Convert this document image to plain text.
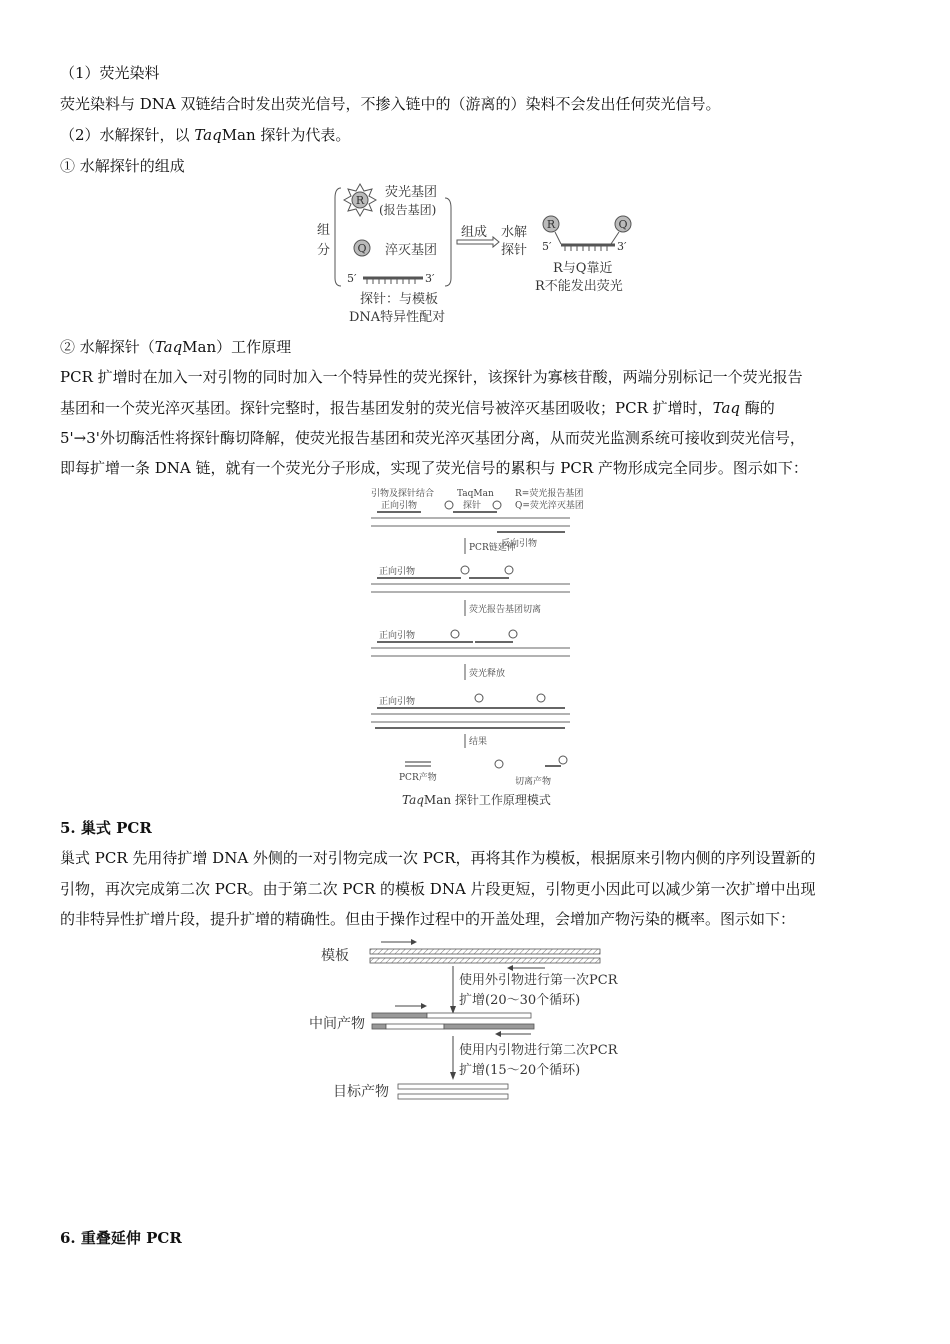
（1）荧光染料
荧光染料与 DNA 双链结合时发出荧光信号，不掺入链中的（游离的）染料不会发出任何荧光信号。
（2）水解探针，以 TaqMan 探针为代表。
① 水解探针的组成
R
荧光基团
(报告基团)
Q 淬灭基团
5′	3′
组
分
探针：与模板
DNA特异性配对
组成 水解
探针
R	Q
5′	3′
R与Q靠近
R不能发出荧光
② 水解探针（TaqMan）工作原理
PCR 扩增时在加入一对引物的同时加入一个特异性的荧光探针，该探针为寡核苷酸，两端分别标记一个荧光报告
基团和一个荧光淬灭基团。探针完整时，报告基团发射的荧光信号被淬灭基团吸收；PCR 扩增时，Taq 酶的
5'→3'外切酶活性将探针酶切降解，使荧光报告基团和荧光淬灭基团分离，从而荧光监测系统可接收到荧光信号，
即每扩增一条 DNA 链，就有一个荧光分子形成，实现了荧光信号的累积与 PCR 产物形成完全同步。图示如下：
引物及探针结合	TaqMan R=荧光报告基团
Q=荧光淬灭基团
正向引物	探针
反向引物
PCR链延伸
正向引物
荧光报告基团切离
正向引物
荧光释放
正向引物
结果
PCR产物	切离产物
TaqMan 探针工作原理模式
5. 巢式 PCR
巢式 PCR 先用待扩增 DNA 外侧的一对引物完成一次 PCR，再将其作为模板，根据原来引物内侧的序列设置新的
引物，再次完成第二次 PCR。由于第二次 PCR 的模板 DNA 片段更短，引物更小因此可以减少第一次扩增中出现
的非特异性扩增片段，提升扩增的精确性。但由于操作过程中的开盖处理，会增加产物污染的概率。图示如下：
模板
使用外引物进行第一次PCR
扩增(20～30个循环)
中间产物
使用内引物进行第二次PCR
扩增(15～20个循环)
目标产物
6. 重叠延伸 PCR
